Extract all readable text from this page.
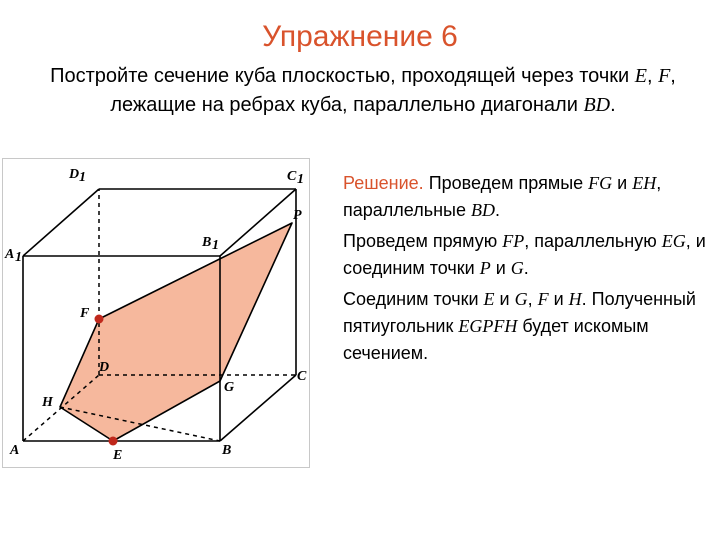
Упражнение 6
Постройте сечение куба плоскостью, проходящей через точки E, F, лежащие на ребрах куба, параллельно диагонали BD.
A	B
C
D
A 1
B 1
C 1
D 1
E
F
G
H
P

Решение. Проведем прямые FG и EH, параллельные BD.

Проведем прямую FP, параллельную EG, и соединим точки P и G.

Соединим точки E и G, F и H. Полученный пятиугольник EGPFH будет искомым сечением.
